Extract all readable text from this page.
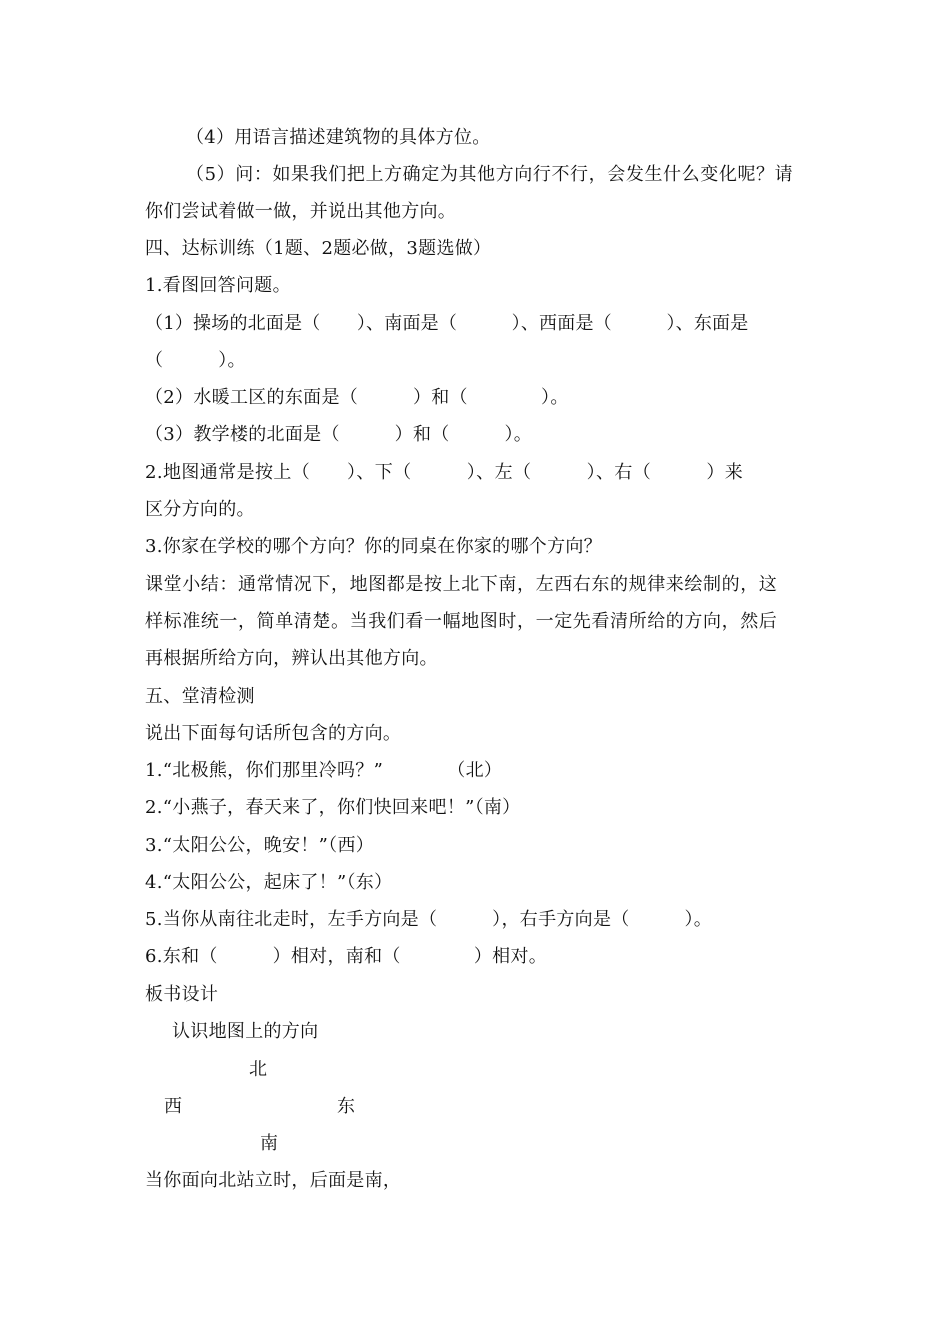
（4）用语言描述建筑物的具体方位。
（5）问：如果我们把上方确定为其他方向行不行，会发生什么变化呢？请
你们尝试着做一做，并说出其他方向。
四、达标训练（1题、2题必做，3题选做）
1.看图回答问题。
（1）操场的北面是（　　）、南面是（　　　）、西面是（　　　）、东面是
（　　　）。
（2）水暖工区的东面是（　　　）和（　　　　）。
（3）教学楼的北面是（　　　）和（　　　）。
2.地图通常是按上（　　）、下（　　　）、左（　　　）、右（　　　）来
区分方向的。
3.你家在学校的哪个方向？你的同桌在你家的哪个方向？
课堂小结：通常情况下，地图都是按上北下南，左西右东的规律来绘制的，这
样标准统一，简单清楚。当我们看一幅地图时，一定先看清所给的方向，然后
再根据所给方向，辨认出其他方向。
五、堂清检测
说出下面每句话所包含的方向。
1.“北极熊，你们那里冷吗？”　　　　（北）
2.“小燕子，春天来了，你们快回来吧！”（南）
3.“太阳公公，晚安！”（西）
4.“太阳公公，起床了！”（东）
5.当你从南往北走时，左手方向是（　　　），右手方向是（　　　）。
6.东和（　　　）相对，南和（　　　　）相对。
板书设计
认识地图上的方向
北
西	东
南
当你面向北站立时，后面是南，
